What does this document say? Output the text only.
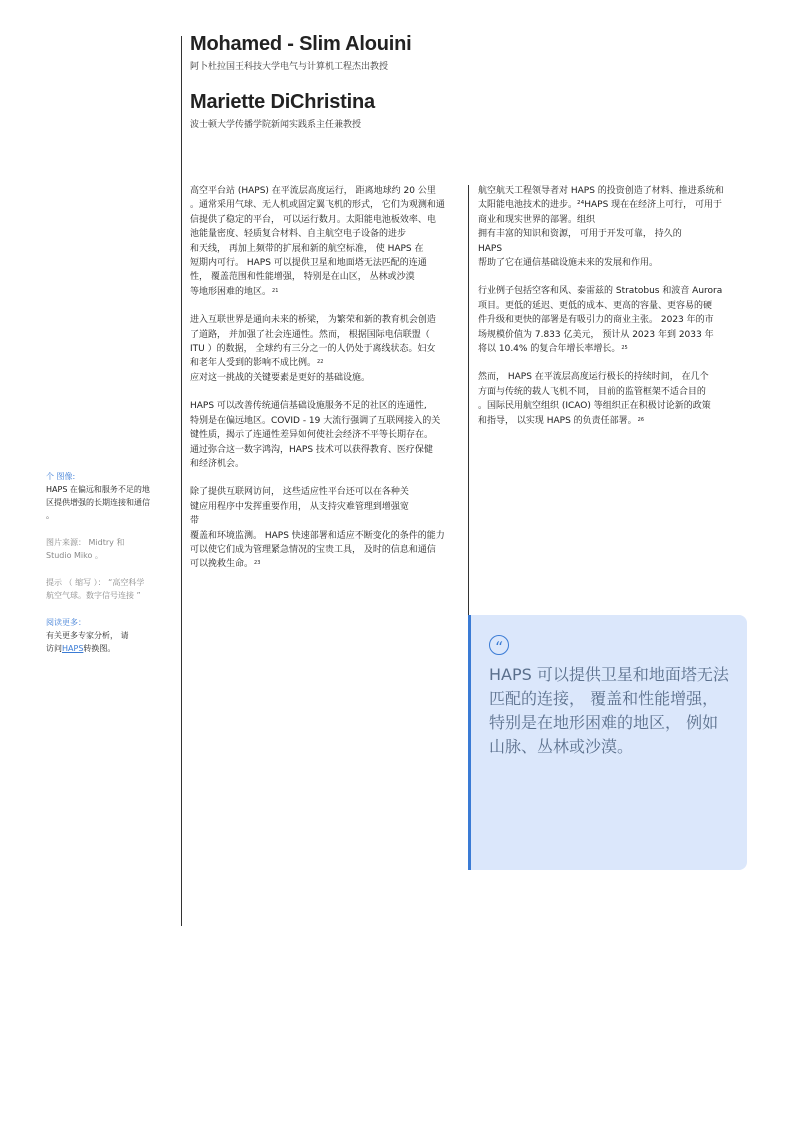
Mohamed - Slim Alouini

阿卜杜拉国王科技大学电气与计算机工程杰出教授

Mariette DiChristina

波士顿大学传播学院新闻实践系主任兼教授

高空平台站 (HAPS) 在平流层高度运行， 距离地球约 20 公里
。通常采用气球、无人机或固定翼飞机的形式， 它们为观测和通
信提供了稳定的平台， 可以运行数月。太阳能电池板效率、电
池能量密度、轻质复合材料、自主航空电子设备的进步
和天线， 再加上频带的扩展和新的航空标准， 使 HAPS 在
短期内可行。 HAPS 可以提供卫星和地面塔无法匹配的连通
性， 覆盖范围和性能增强， 特别是在山区， 丛林或沙漠
等地形困难的地区。$^{21}$

进入互联世界是通向未来的桥梁， 为繁荣和新的教育机会创造
了道路， 并加强了社会连通性。然而， 根据国际电信联盟（
ITU ）的数据， 全球约有三分之一的人仍处于离线状态。妇女
和老年人受到的影响不成比例。$^{22}$
应对这一挑战的关键要素是更好的基础设施。

HAPS 可以改善传统通信基础设施服务不足的社区的连通性,
特别是在偏远地区。COVID - 19 大流行强调了互联网接入的关
键性质，揭示了连通性差异如何使社会经济不平等长期存在。
通过弥合这一数字鸿沟，HAPS 技术可以获得教育、医疗保健
和经济机会。

除了提供互联网访问， 这些适应性平台还可以在各种关
键应用程序中发挥重要作用， 从支持灾难管理到增强宽
带
覆盖和环境监测。 HAPS 快速部署和适应不断变化的条件的能力
可以使它们成为管理紧急情况的宝贵工具， 及时的信息和通信
可以挽救生命。$^{23}$

航空航天工程领导者对 HAPS 的投资创造了材料、推进系统和
太阳能电池技术的进步。²⁴HAPS 现在在经济上可行， 可用于
商业和现实世界的部署。组织
拥有丰富的知识和资源， 可用于开发可靠， 持久的
HAPS
帮助了它在通信基础设施未来的发展和作用。

行业例子包括空客和风、泰雷兹的 Stratobus 和波音 Aurora
项目。更低的延迟、更低的成本、更高的容量、更容易的硬
件升级和更快的部署是有吸引力的商业主张。 2023 年的市
场规模价值为 7.833 亿美元， 预计从 2023 年到 2033 年
将以 10.4% 的复合年增长率增长。$^{25}$

然而， HAPS 在平流层高度运行极长的持续时间， 在几个
方面与传统的载人飞机不同， 目前的监管框架不适合目的
。国际民用航空组织 (ICAO) 等组织正在积极讨论新的政策
和指导， 以实现 HAPS 的负责任部署。$^{26}$

个 图像:
HAPS 在偏远和服务不足的地
区提供增强的长期连接和通信
。
图片来源： Midtry 和
Studio Miko 。
提示 （ 缩写 ）： “高空科学
航空气球。数字信号连接 ”
阅读更多：
有关更多专家分析， 请
访问HAPS转换图。	“
HAPS 可以提供卫星和地面塔无法
匹配的连接， 覆盖和性能增强，
特别是在地形困难的地区， 例如
山脉、丛林或沙漠。
